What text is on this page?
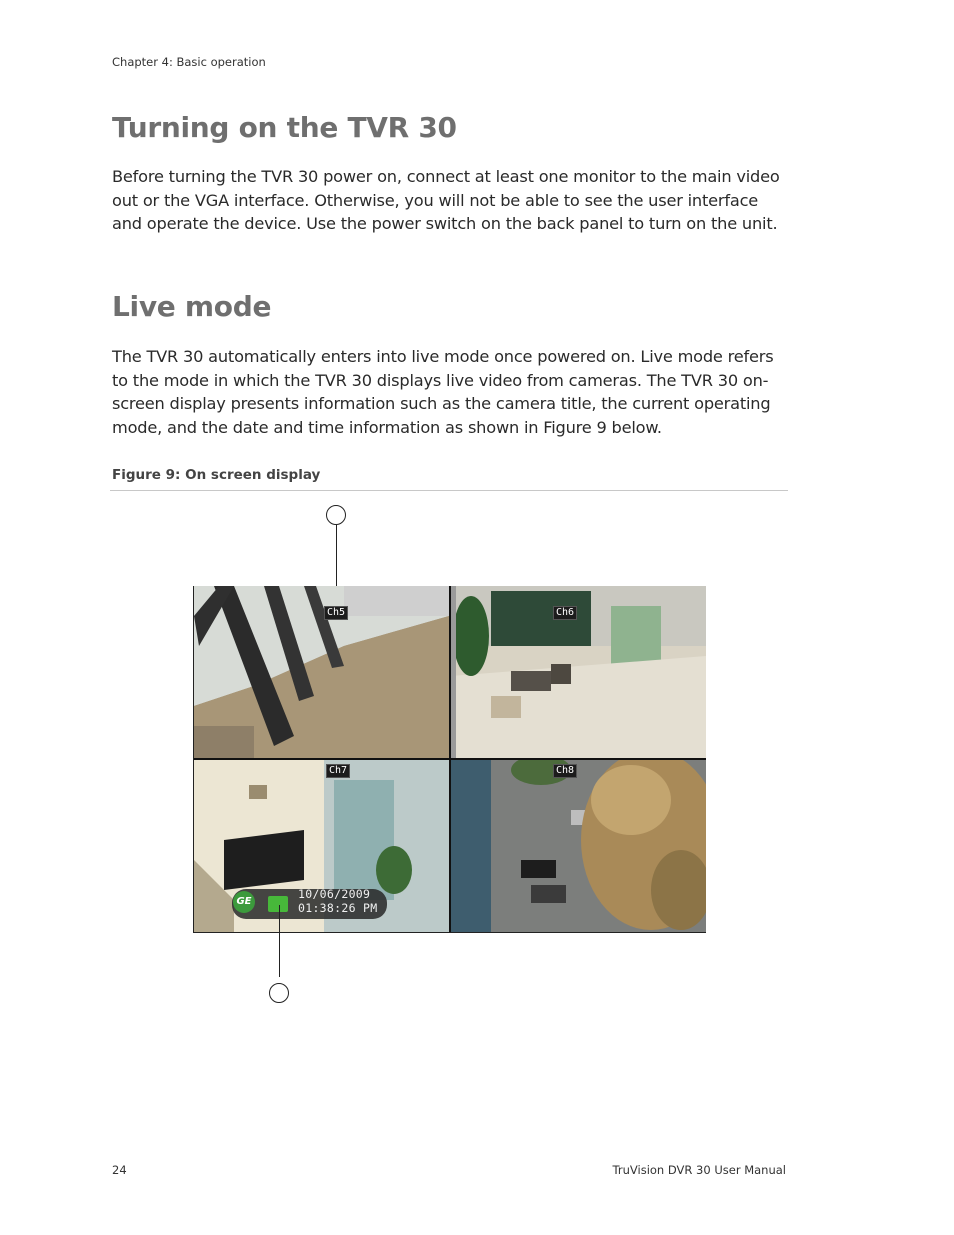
Chapter 4: Basic operation
Turning on the TVR 30

Before turning the TVR 30 power on, connect at least one monitor to the main video out or the VGA interface. Otherwise, you will not be able to see the user interface and operate the device. Use the power switch on the back panel to turn on the unit.

Live mode

The TVR 30 automatically enters into live mode once powered on. Live mode refers to the mode in which the TVR 30 displays live video from cameras. The TVR 30 on-screen display presents information such as the camera title, the current operating mode, and the date and time information as shown in Figure 9 below.

Figure 9: On screen display
Ch5	Ch6
Ch7	Ch8
GE
10/06/2009
01:38:26 PM
24	TruVision DVR 30 User Manual
